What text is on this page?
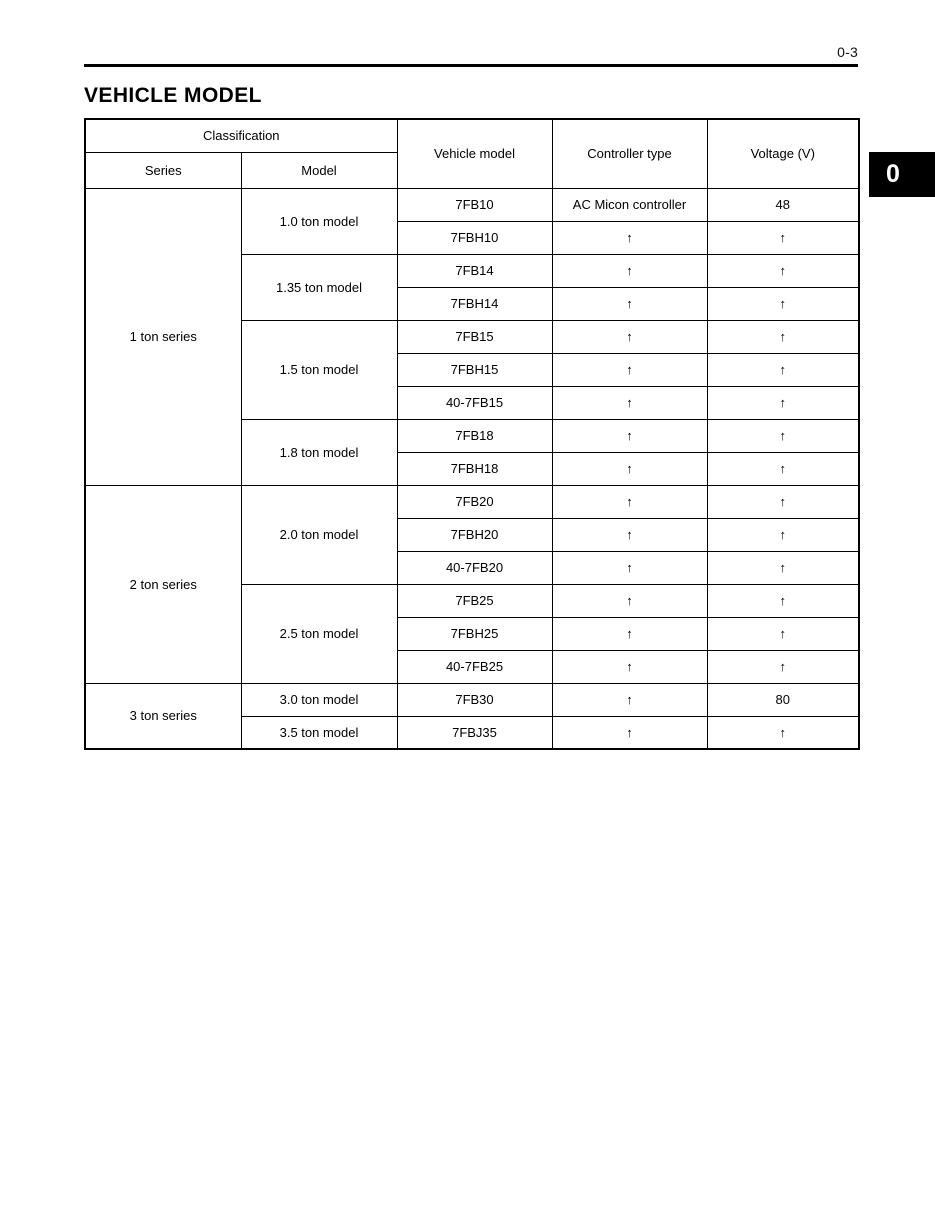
0-3
VEHICLE MODEL
0
Classification		Vehicle model	Controller type	Voltage (V)
Series	Model			
1 ton series	1.0 ton model	7FB10	AC Micon controller	48
		7FBH10	↑	↑
	1.35 ton model	7FB14	↑	↑
		7FBH14	↑	↑
	1.5 ton model	7FB15	↑	↑
		7FBH15	↑	↑
		40-7FB15	↑	↑
	1.8 ton model	7FB18	↑	↑
		7FBH18	↑	↑
2 ton series	2.0 ton model	7FB20	↑	↑
		7FBH20	↑	↑
		40-7FB20	↑	↑
	2.5 ton model	7FB25	↑	↑
		7FBH25	↑	↑
		40-7FB25	↑	↑
3 ton series	3.0 ton model	7FB30	↑	80
	3.5 ton model	7FBJ35	↑	↑
